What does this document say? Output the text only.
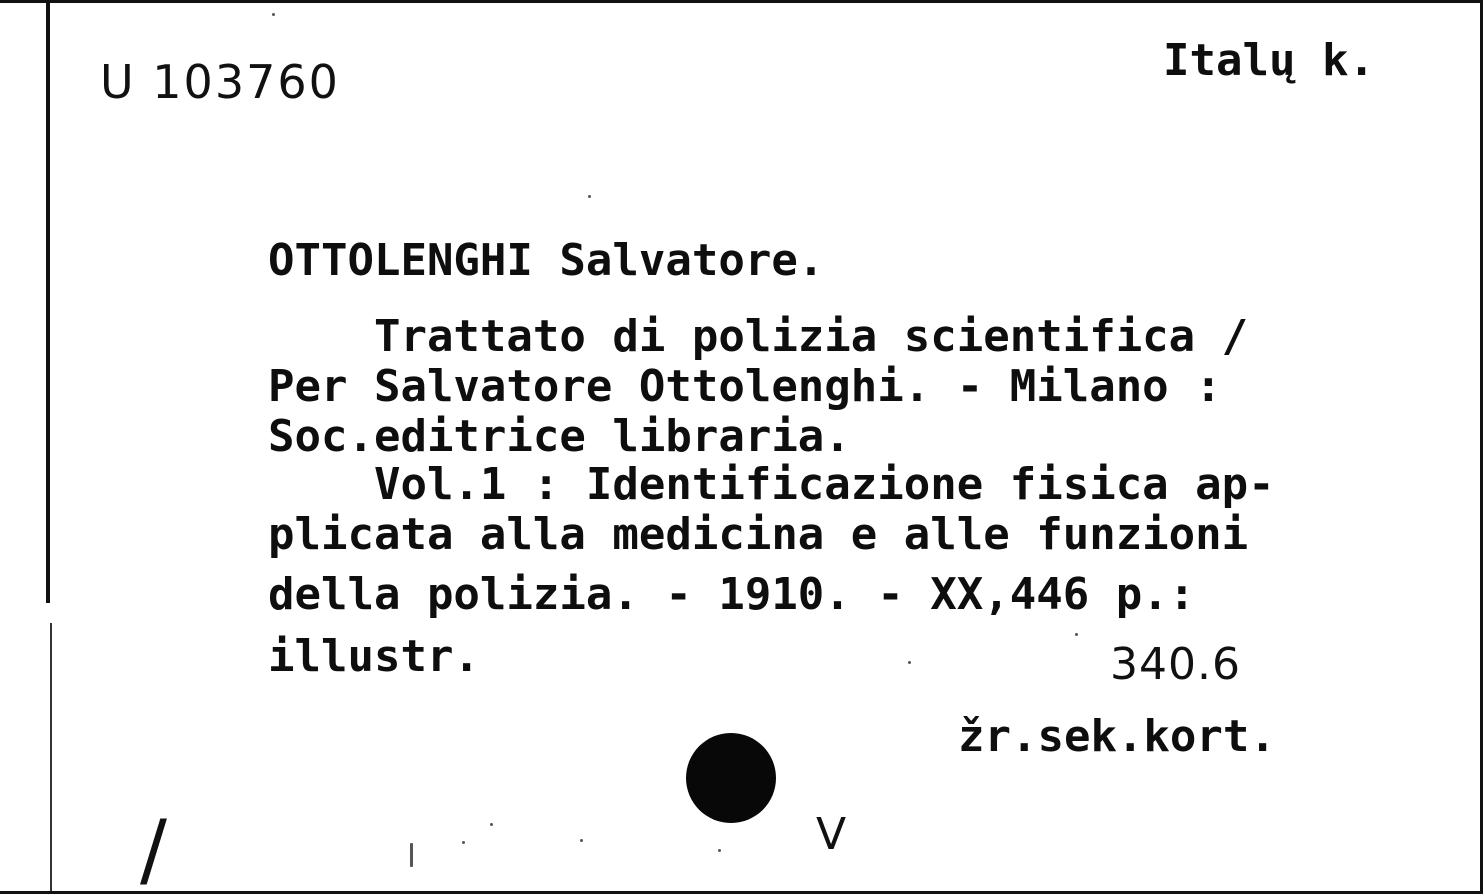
U 103760	Italų k.
OTTOLENGHI Salvatore.
Trattato di polizia scientifica /
Per Salvatore Ottolenghi. - Milano :
Soc.editrice libraria.
Vol.1 : Identificazione fisica ap-
plicata alla medicina e alle funzioni
della polizia. - 1910. - XX,446 p.:
illustr.	340.6
žr.sek.kort.
/	V
